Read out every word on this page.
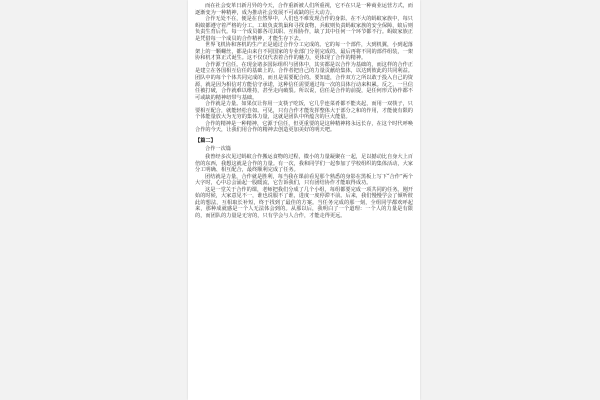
而在社会变革日新月异的今天，合作重新被人们所重视，它不在只是一种商业运营方式，而逐渐变为一种精神，成为推动社会发展不可或缺的巨大动力。

合作无处不在，便是在自然界中，人们也不难发现合作的身影。在不大的蚂蚁家族中，每只蚂蚁都遵守着严格的分工。工蚁负责筑巢和寻找食物，兵蚁则负责蚂蚁家族的安全保障，蚁后则负责生育后代。每一个成员都各司其职、互相协作，缺了其中任何一个环节都不行。蚂蚁家族正是凭借每一个成员的合作精神，才能生存下去。

世界飞机协和客机的生产正是通过合作分工完成的。它的每一个部件，大到机翼，小到起落架上的一颗螺丝，都是由来自不同国家的专业部门分别完成的，最后再将不同的部件组装，一架协和机才算正式诞生。这不仅仅代表着合作的魅力，更体现了合作的精神。

合作源于信任。在现金诸多国际组织与团体中，其实都是以合作为基础的，而这样的合作正是建立在各国相互信任的基础上的。合作者把自己的力量贡献给集体，以达到彼此的共同利益。团队中的每个个体共同完成的，而且是需要配合的。要知道，合作双方之所以敢于投入自己的资源，就是因为相信对方能信守承诺，这种信任需要通过每一次的具体行动来积累。反之，一旦信任被打破，合作就难以维持，甚至走向破裂。所以说，信任是合作的前提，是任何形式协作都不可或缺的精神纽带与基础。

合作就是力量。如果仅让你用一支筷子吃饭，它几乎连菜肴都不能夹起，而用一双筷子，只要相互配合，就能轻松自如。可见，只有合作才能发挥整体大于部分之和的作用，才能使有限的个体能量放大为无穷的集体力量，这就是团队中所蕴含的巨大能量。

合作的精神是一种精神，它源于信任，但更重要的是这种精神将永远长存，在这个时代呼唤合作的今天，让我们用合作的精神去创造更加美好的明天吧。

【篇二】
合作一次篇

我曾经多次见过蚂蚁合作搬运食物的过程，微小的力量凝聚在一起，足以撼动比自身大上百倍的东西，我想这就是合作的力量。有一次，我和同学们一起参加了学校组织的集体活动，大家分工明确、相互配合，最终顺利完成了任务。

团结就是力量，合作就是胜利，每当我在课前看见那个熟悉的身影在黑板上写下“合作”两个大字时，心中总会涌起一股暖流，它告诉我们，只有团结协作才能取得成功。

这是一堂关于合作的课，老师把我们分成了几个小组，每组都要完成一项共同的任务。刚开始的时候，大家意见不一，谁也说服不了谁，进度一度停滞不前。后来，我们慢慢学会了倾听彼此的想法，互相取长补短，终于找到了最佳的方案。当任务完成的那一刻，全组同学都欢呼起来，那种成就感是一个人无法体会到的。从那以后，我明白了一个道理：一个人的力量是有限的，而团队的力量是无穷的，只有学会与人合作，才能走得更远。
